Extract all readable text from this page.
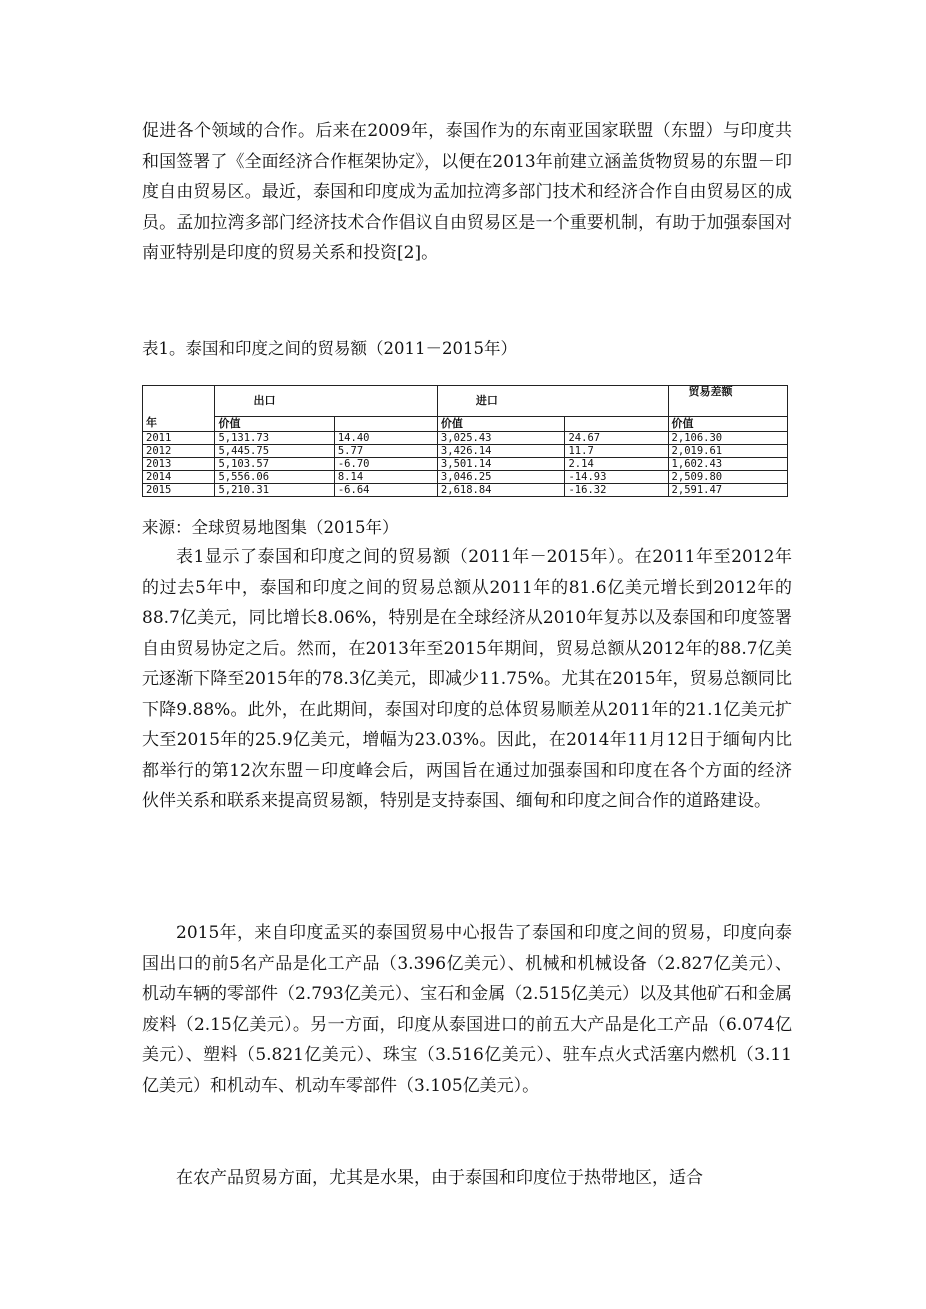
促进各个领域的合作。后来在2009年，泰国作为的东南亚国家联盟（东盟）与印度共和国签署了《全面经济合作框架协定》，以便在2013年前建立涵盖货物贸易的东盟－印度自由贸易区。最近，泰国和印度成为孟加拉湾多部门技术和经济合作自由贸易区的成员。孟加拉湾多部门经济技术合作倡议自由贸易区是一个重要机制，有助于加强泰国对南亚特别是印度的贸易关系和投资[2]。

表1。泰国和印度之间的贸易额（2011－2015年）

年	出口		进口		贸易差额
	价值		价值		价值
2011	5,131.73	14.40	3,025.43	24.67	2,106.30
2012	5,445.75	5.77	3,426.14	11.7	2,019.61
2013	5,103.57	-6.70	3,501.14	2.14	1,602.43
2014	5,556.06	8.14	3,046.25	-14.93	2,509.80
2015	5,210.31	-6.64	2,618.84	-16.32	2,591.47

来源：全球贸易地图集（2015年）

表1显示了泰国和印度之间的贸易额（2011年－2015年）。在2011年至2012年的过去5年中，泰国和印度之间的贸易总额从2011年的81.6亿美元增长到2012年的88.7亿美元，同比增长8.06%，特别是在全球经济从2010年复苏以及泰国和印度签署自由贸易协定之后。然而，在2013年至2015年期间，贸易总额从2012年的88.7亿美元逐渐下降至2015年的78.3亿美元，即减少11.75%。尤其在2015年，贸易总额同比下降9.88%。此外，在此期间，泰国对印度的总体贸易顺差从2011年的21.1亿美元扩大至2015年的25.9亿美元，增幅为23.03%。因此，在2014年11月12日于缅甸内比都举行的第12次东盟－印度峰会后，两国旨在通过加强泰国和印度在各个方面的经济伙伴关系和联系来提高贸易额，特别是支持泰国、缅甸和印度之间合作的道路建设。

2015年，来自印度孟买的泰国贸易中心报告了泰国和印度之间的贸易，印度向泰国出口的前5名产品是化工产品（3.396亿美元）、机械和机械设备（2.827亿美元）、机动车辆的零部件（2.793亿美元）、宝石和金属（2.515亿美元）以及其他矿石和金属废料（2.15亿美元）。另一方面，印度从泰国进口的前五大产品是化工产品（6.074亿美元）、塑料（5.821亿美元）、珠宝（3.516亿美元）、驻车点火式活塞内燃机（3.11亿美元）和机动车、机动车零部件（3.105亿美元）。

在农产品贸易方面，尤其是水果，由于泰国和印度位于热带地区，适合
